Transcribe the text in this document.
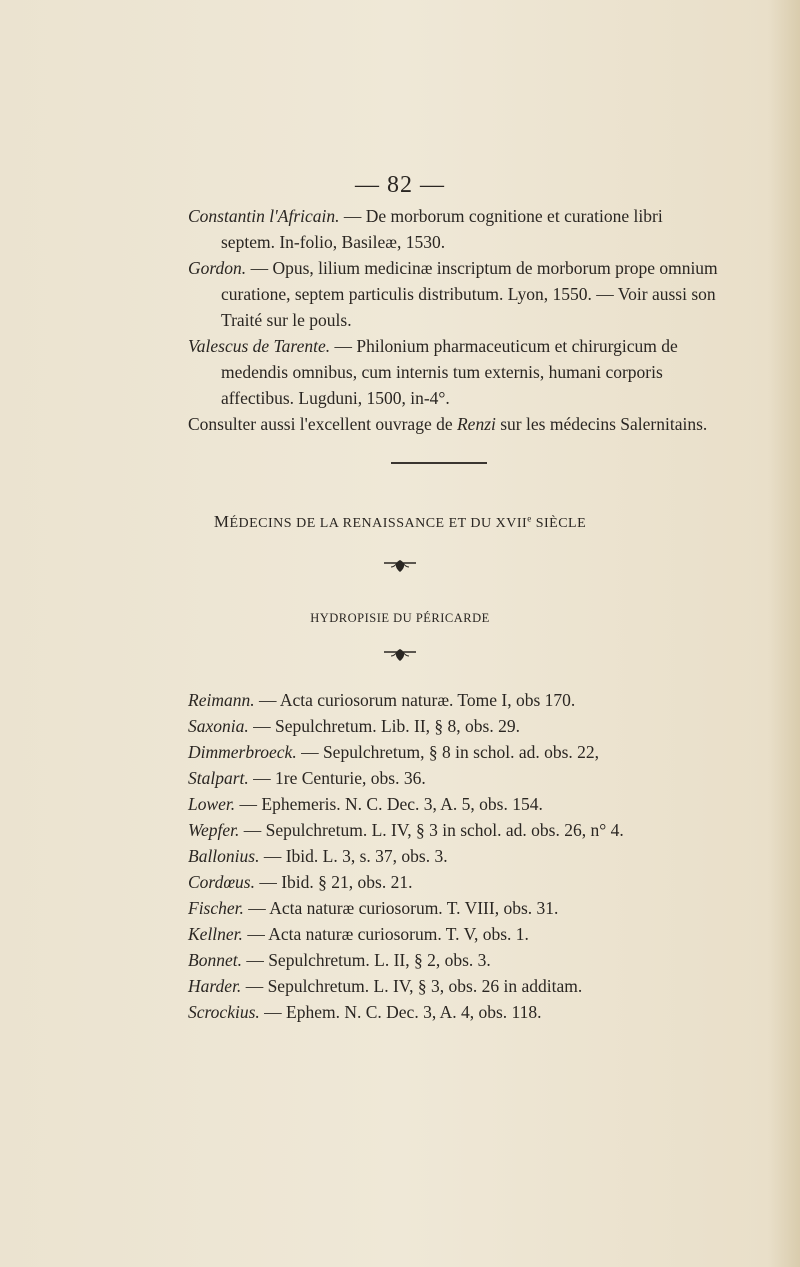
— 82 —
Constantin l'Africain. — De morborum cognitione et curatione libri septem. In-folio, Basileæ, 1530.
Gordon. — Opus, lilium medicinæ inscriptum de morborum prope omnium curatione, septem particulis distributum. Lyon, 1550. — Voir aussi son Traité sur le pouls.
Valescus de Tarente. — Philonium pharmaceuticum et chirurgicum de medendis omnibus, cum internis tum externis, humani corporis affectibus. Lugduni, 1500, in-4°.
Consulter aussi l'excellent ouvrage de Renzi sur les médecins Salernitains.
MÉDECINS DE LA RENAISSANCE ET DU XVIIe SIÈCLE
HYDROPISIE DU PÉRICARDE
Reimann. — Acta curiosorum naturæ. Tome I, obs 170.
Saxonia. — Sepulchretum. Lib. II, § 8, obs. 29.
Dimmerbroeck. — Sepulchretum, § 8 in schol. ad. obs. 22,
Stalpart. — 1re Centurie, obs. 36.
Lower. — Ephemeris. N. C. Dec. 3, A. 5, obs. 154.
Wepfer. — Sepulchretum. L. IV, § 3 in schol. ad. obs. 26, n° 4.
Ballonius. — Ibid. L. 3, s. 37, obs. 3.
Cordœus. — Ibid. § 21, obs. 21.
Fischer. — Acta naturæ curiosorum. T. VIII, obs. 31.
Kellner. — Acta naturæ curiosorum. T. V, obs. 1.
Bonnet. — Sepulchretum. L. II, § 2, obs. 3.
Harder. — Sepulchretum. L. IV, § 3, obs. 26 in additam.
Scrockius. — Ephem. N. C. Dec. 3, A. 4, obs. 118.
